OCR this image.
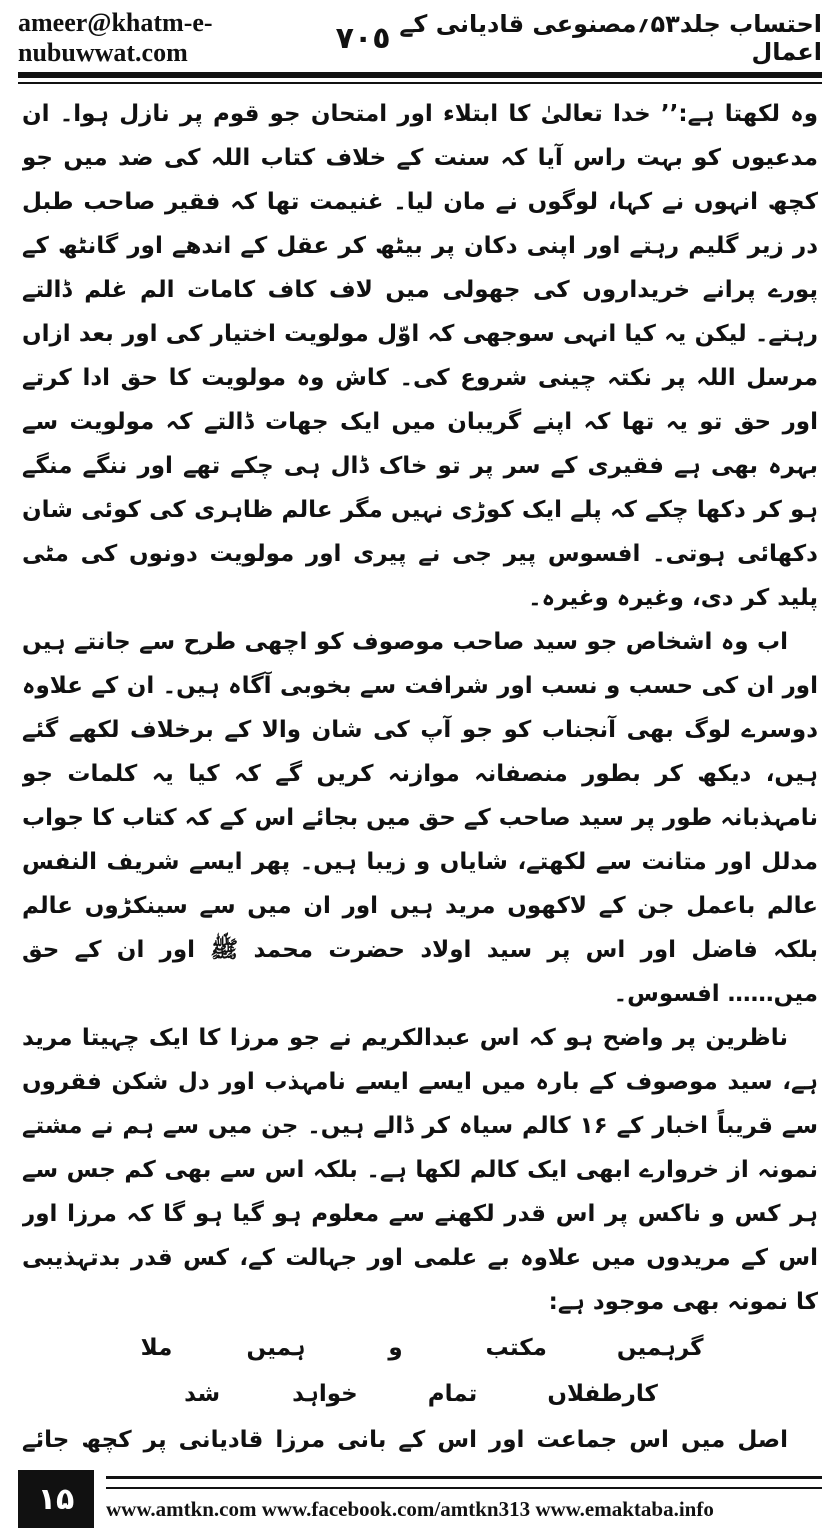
ameer@khatm-e-nubuwwat.com	٧٠٥ احتساب جلد۵۳؍مصنوعی قادیانی کے اعمال

وہ لکھتا ہے:’’ خدا تعالیٰ کا ابتلاء اور امتحان جو قوم پر نازل ہوا۔ ان مدعیوں کو بہت راس آیا کہ سنت کے خلاف کتاب اللہ کی ضد میں جو کچھ انہوں نے کہا، لوگوں نے مان لیا۔ غنیمت تھا کہ فقیر صاحب طبل در زیر گلیم رہتے اور اپنی دکان پر بیٹھ کر عقل کے اندھے اور گانٹھ کے پورے پرانے خریداروں کی جھولی میں لاف کاف کامات الم غلم ڈالتے رہتے۔ لیکن یہ کیا انہی سوجھی کہ اوّل مولویت اختیار کی اور بعد ازاں مرسل اللہ پر نکتہ چینی شروع کی۔ کاش وہ مولویت کا حق ادا کرتے اور حق تو یہ تھا کہ اپنے گریبان میں ایک جھات ڈالتے کہ مولویت سے بہرہ بھی ہے فقیری کے سر پر تو خاک ڈال ہی چکے تھے اور ننگے منگے ہو کر دکھا چکے کہ پلے ایک کوڑی نہیں مگر عالم ظاہری کی کوئی شان دکھائی ہوتی۔ افسوس پیر جی نے پیری اور مولویت دونوں کی مٹی پلید کر دی، وغیرہ وغیرہ۔

اب وہ اشخاص جو سید صاحب موصوف کو اچھی طرح سے جانتے ہیں اور ان کی حسب و نسب اور شرافت سے بخوبی آگاہ ہیں۔ ان کے علاوہ دوسرے لوگ بھی آنجناب کو جو آپ کی شان والا کے برخلاف لکھے گئے ہیں، دیکھ کر بطور منصفانہ موازنہ کریں گے کہ کیا یہ کلمات جو نامہذبانہ طور پر سید صاحب کے حق میں بجائے اس کے کہ کتاب کا جواب مدلل اور متانت سے لکھتے، شایاں و زیبا ہیں۔ پھر ایسے شریف النفس عالم باعمل جن کے لاکھوں مرید ہیں اور ان میں سے سینکڑوں عالم بلکہ فاضل اور اس پر سید اولاد حضرت محمد ﷺ اور ان کے حق میں…… افسوس۔

ناظرین پر واضح ہو کہ اس عبدالکریم نے جو مرزا کا ایک چہیتا مرید ہے، سید موصوف کے بارہ میں ایسے ایسے نامہذب اور دل شکن فقروں سے قریباً اخبار کے ۱۶ کالم سیاہ کر ڈالے ہیں۔ جن میں سے ہم نے مشتے نمونہ از خروارے ابھی ایک کالم لکھا ہے۔ بلکہ اس سے بھی کم جس سے ہر کس و ناکس پر اس قدر لکھنے سے معلوم ہو گیا ہو گا کہ مرزا اور اس کے مریدوں میں علاوہ بے علمی اور جہالت کے، کس قدر بدتہذیبی کا نمونہ بھی موجود ہے:

گرہمیں
مکتب
و
ہمیں
ملا
کارطفلاں
تمام
خواہد
شد

اصل میں اس جماعت اور اس کے بانی مرزا قادیانی پر کچھ جائے

۱۵	www.amtkn.com www.facebook.com/amtkn313 www.emaktaba.info
